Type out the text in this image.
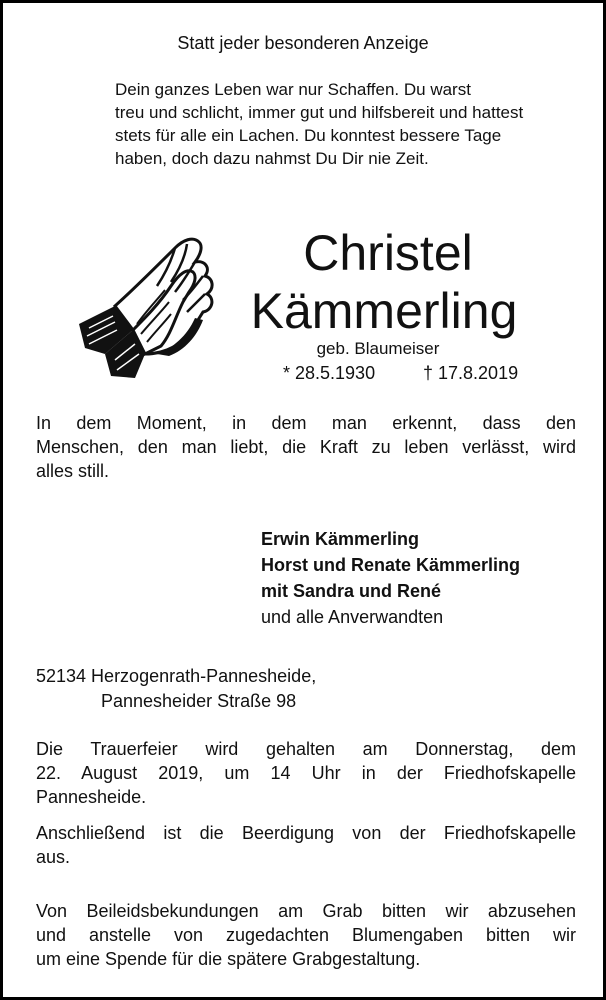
Statt jeder besonderen Anzeige
Dein ganzes Leben war nur Schaffen. Du warst
treu und schlicht, immer gut und hilfsbereit und hattest
stets für alle ein Lachen. Du konntest bessere Tage
haben, doch dazu nahmst Du Dir nie Zeit.
Christel
Kämmerling
geb. Blaumeiser
* 28.5.1930	† 17.8.2019
In dem Moment, in dem man erkennt, dass den
Menschen, den man liebt, die Kraft zu leben verlässt, wird
alles still.
Erwin Kämmerling
Horst und Renate Kämmerling
mit Sandra und René
und alle Anverwandten
52134 Herzogenrath-Pannesheide,
Pannesheider Straße 98
Die Trauerfeier wird gehalten am Donnerstag, dem
22. August 2019, um 14 Uhr in der Friedhofskapelle
Pannesheide.
Anschließend ist die Beerdigung von der Friedhofskapelle
aus.
Von Beileidsbekundungen am Grab bitten wir abzusehen
und anstelle von zugedachten Blumengaben bitten wir
um eine Spende für die spätere Grabgestaltung.
